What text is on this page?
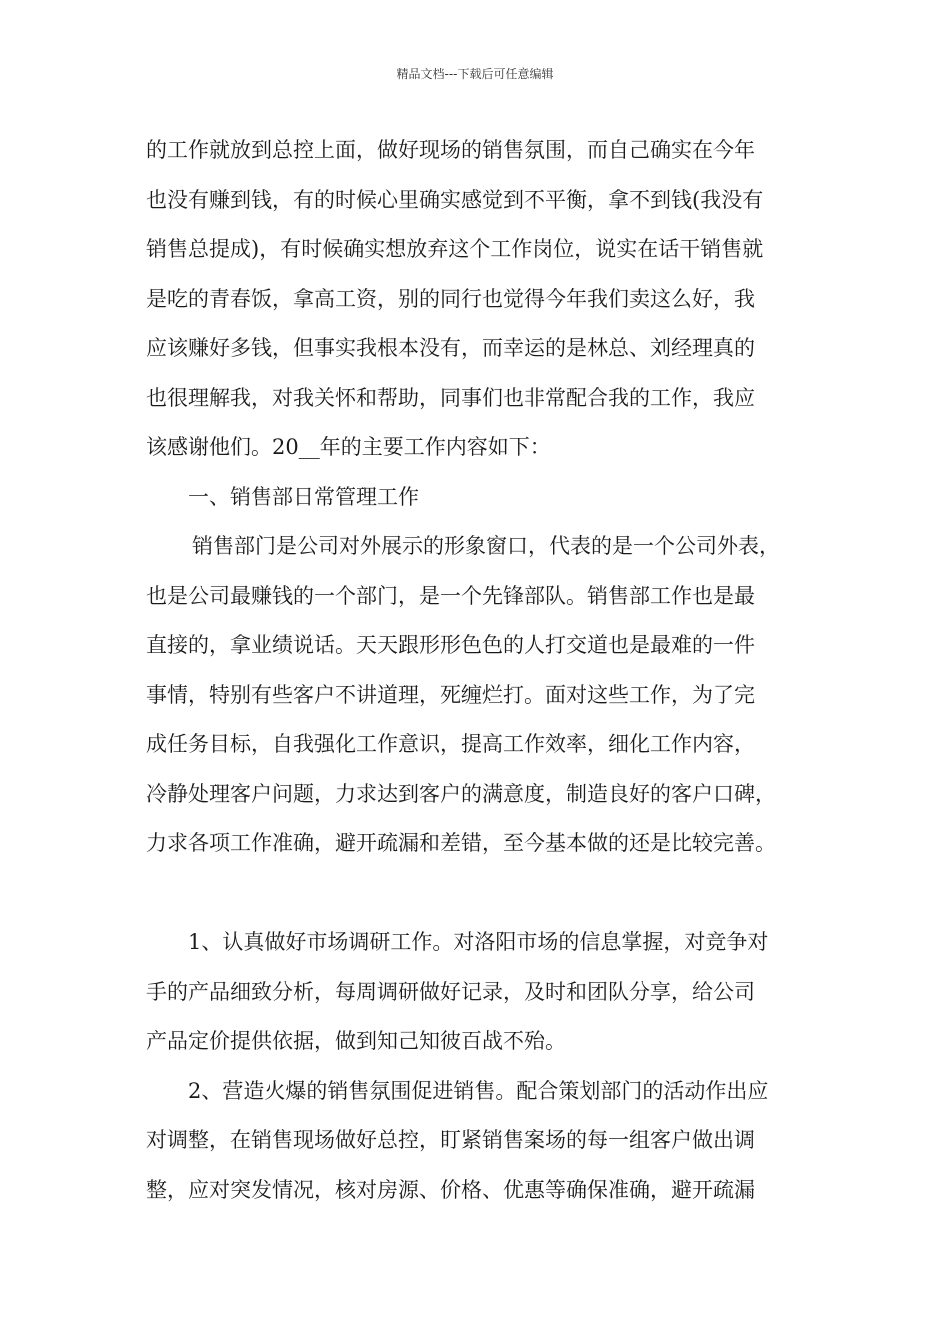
精品文档---下载后可任意编辑
的工作就放到总控上面，做好现场的销售氛围，而自己确实在今年
也没有赚到钱，有的时候心里确实感觉到不平衡，拿不到钱(我没有
销售总提成)，有时候确实想放弃这个工作岗位，说实在话干销售就
是吃的青春饭，拿高工资，别的同行也觉得今年我们卖这么好，我
应该赚好多钱，但事实我根本没有，而幸运的是林总、刘经理真的
也很理解我，对我关怀和帮助，同事们也非常配合我的工作，我应
该感谢他们。20__年的主要工作内容如下：
一、销售部日常管理工作
销售部门是公司对外展示的形象窗口，代表的是一个公司外表，
也是公司最赚钱的一个部门，是一个先锋部队。销售部工作也是最
直接的，拿业绩说话。天天跟形形色色的人打交道也是最难的一件
事情，特别有些客户不讲道理，死缠烂打。面对这些工作，为了完
成任务目标，自我强化工作意识，提高工作效率，细化工作内容，
冷静处理客户问题，力求达到客户的满意度，制造良好的客户口碑，
力求各项工作准确，避开疏漏和差错，至今基本做的还是比较完善。
1、认真做好市场调研工作。对洛阳市场的信息掌握，对竞争对
手的产品细致分析，每周调研做好记录，及时和团队分享，给公司
产品定价提供依据，做到知己知彼百战不殆。
2、营造火爆的销售氛围促进销售。配合策划部门的活动作出应
对调整，在销售现场做好总控，盯紧销售案场的每一组客户做出调
整，应对突发情况，核对房源、价格、优惠等确保准确，避开疏漏
